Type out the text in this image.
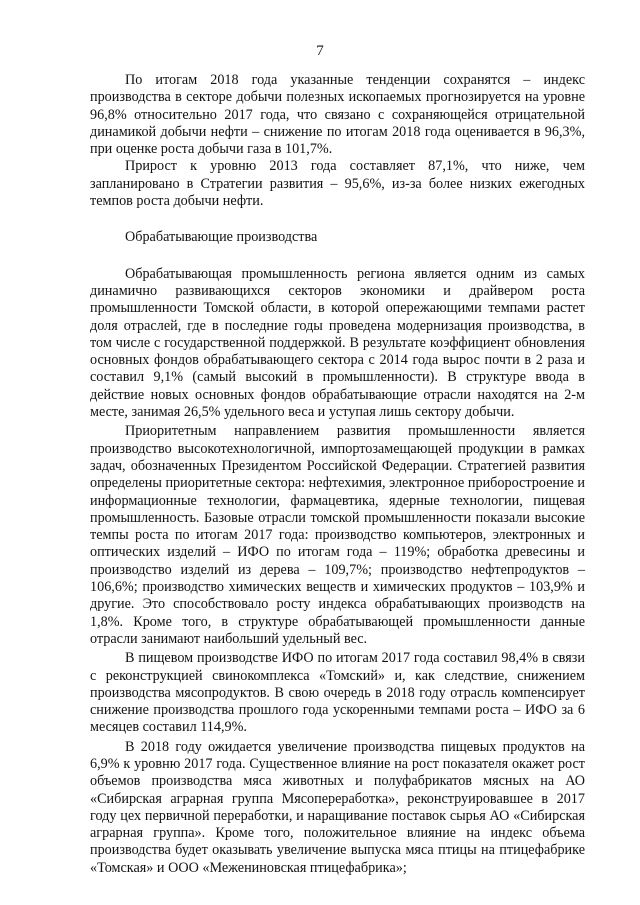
7

По итогам 2018 года указанные тенденции сохранятся – индекс производства в секторе добычи полезных ископаемых прогнозируется на уровне 96,8% относительно 2017 года, что связано с сохраняющейся отрицательной динамикой добычи нефти – снижение по итогам 2018 года оценивается в 96,3%, при оценке роста добычи газа в 101,7%.

Прирост к уровню 2013 года составляет 87,1%, что ниже, чем запланировано в Стратегии развития – 95,6%, из-за более низких ежегодных темпов роста добычи нефти.

Обрабатывающие производства

Обрабатывающая промышленность региона является одним из самых динамично развивающихся секторов экономики и драйвером роста промышленности Томской области, в которой опережающими темпами растет доля отраслей, где в последние годы проведена модернизация производства, в том числе с государственной поддержкой. В результате коэффициент обновления основных фондов обрабатывающего сектора с 2014 года вырос почти в 2 раза и составил 9,1% (самый высокий в промышленности). В структуре ввода в действие новых основных фондов обрабатывающие отрасли находятся на 2-м месте, занимая 26,5% удельного веса и уступая лишь сектору добычи.

Приоритетным направлением развития промышленности является производство высокотехнологичной, импортозамещающей продукции в рамках задач, обозначенных Президентом Российской Федерации. Стратегией развития определены приоритетные сектора: нефтехимия, электронное приборостроение и информационные технологии, фармацевтика, ядерные технологии, пищевая промышленность. Базовые отрасли томской промышленности показали высокие темпы роста по итогам 2017 года: производство компьютеров, электронных и оптических изделий – ИФО по итогам года – 119%; обработка древесины и производство изделий из дерева – 109,7%; производство нефтепродуктов – 106,6%; производство химических веществ и химических продуктов – 103,9% и другие. Это способствовало росту индекса обрабатывающих производств на 1,8%. Кроме того, в структуре обрабатывающей промышленности данные отрасли занимают наибольший удельный вес.

В пищевом производстве ИФО по итогам 2017 года составил 98,4% в связи с реконструкцией свинокомплекса «Томский» и, как следствие, снижением производства мясопродуктов. В свою очередь в 2018 году отрасль компенсирует снижение производства прошлого года ускоренными темпами роста – ИФО за 6 месяцев составил 114,9%.

В 2018 году ожидается увеличение производства пищевых продуктов на 6,9% к уровню 2017 года. Существенное влияние на рост показателя окажет рост объемов производства мяса животных и полуфабрикатов мясных на АО «Сибирская аграрная группа Мясопереработка», реконструировавшее в 2017 году цех первичной переработки, и наращивание поставок сырья АО «Сибирская аграрная группа». Кроме того, положительное влияние на индекс объема производства будет оказывать увеличение выпуска мяса птицы на птицефабрике «Томская» и ООО «Межениновская птицефабрика»;
